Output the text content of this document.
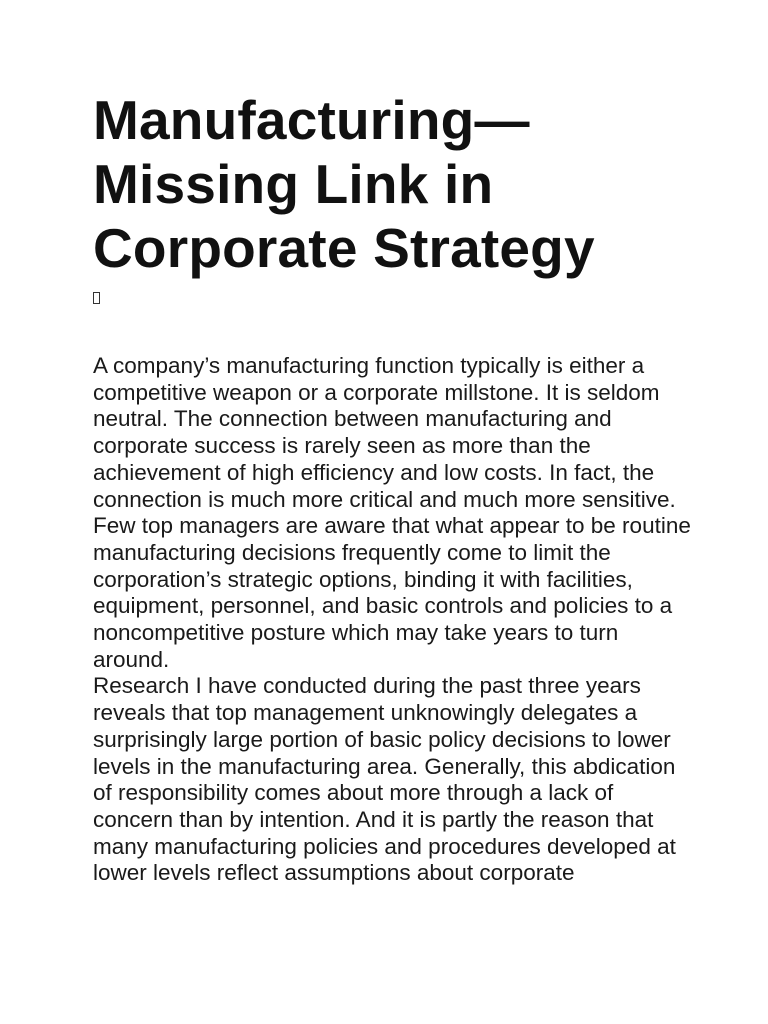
Manufacturing—Missing Link in Corporate Strategy

A company’s manufacturing function typically is either a competitive weapon or a corporate millstone. It is seldom neutral. The connection between manufacturing and corporate success is rarely seen as more than the achievement of high efficiency and low costs. In fact, the connection is much more critical and much more sensitive. Few top managers are aware that what appear to be routine manufacturing decisions frequently come to limit the corporation’s strategic options, binding it with facilities, equipment, personnel, and basic controls and policies to a noncompetitive posture which may take years to turn around.

Research I have conducted during the past three years reveals that top management unknowingly delegates a surprisingly large portion of basic policy decisions to lower levels in the manufacturing area. Generally, this abdication of responsibility comes about more through a lack of concern than by intention. And it is partly the reason that many manufacturing policies and procedures developed at lower levels reflect assumptions about corporate
